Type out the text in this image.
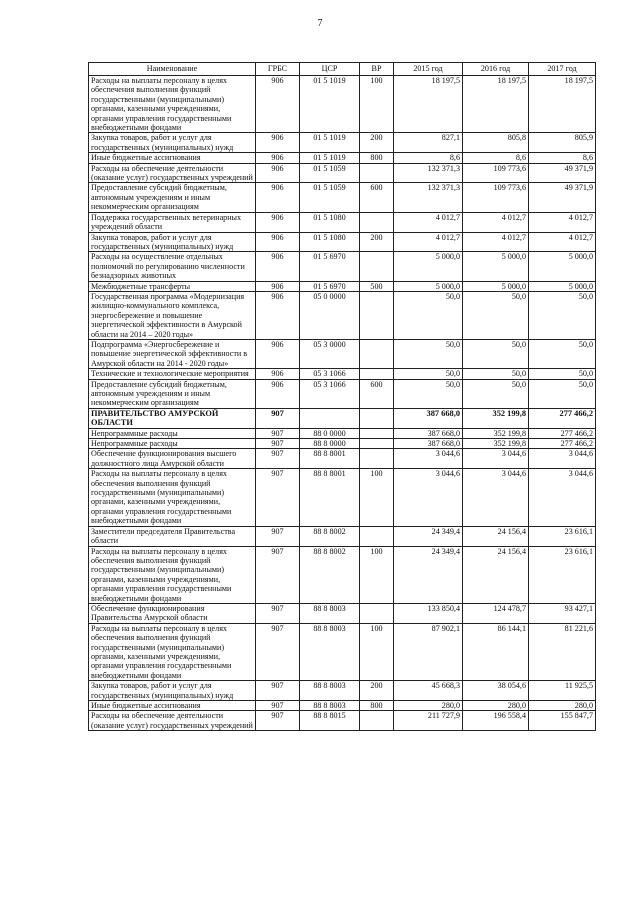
7
Наименование	ГРБС	ЦСР	ВР	2015 год	2016 год	2017 год
Расходы на выплаты персоналу в целях обеспечения выполнения функций государственными (муниципальными) органами, казенными учреждениями, органами управления государственными внебюджетными фондами	906	01 5 1019	100	18 197,5	18 197,5	18 197,5
Закупка товаров, работ и услуг для государственных (муниципальных) нужд	906	01 5 1019	200	827,1	805,8	805,9
Иные бюджетные ассигнования	906	01 5 1019	800	8,6	8,6	8,6
Расходы на обеспечение деятельности (оказание услуг) государственных учреждений	906	01 5 1059		132 371,3	109 773,6	49 371,9
Предоставление субсидий бюджетным, автономным учреждениям и иным некоммерческим организациям	906	01 5 1059	600	132 371,3	109 773,6	49 371,9
Поддержка государственных ветеринарных учреждений области	906	01 5 1080		4 012,7	4 012,7	4 012,7
Закупка товаров, работ и услуг для государственных (муниципальных) нужд	906	01 5 1080	200	4 012,7	4 012,7	4 012,7
Расходы на осуществление отдельных полномочий по регулированию численности безнадзорных животных	906	01 5 6970		5 000,0	5 000,0	5 000,0
Межбюджетные трансферты	906	01 5 6970	500	5 000,0	5 000,0	5 000,0
Государственная программа «Модернизация жилищно-коммунального комплекса, энергосбережение и повышение энергетической эффективности в Амурской области на 2014 – 2020 годы»	906	05 0 0000		50,0	50,0	50,0
Подпрограмма «Энергосбережение и повышение энергетической эффективности в Амурской области на 2014 - 2020 годы»	906	05 3 0000		50,0	50,0	50,0
Технические и технологические мероприятия	906	05 3 1066		50,0	50,0	50,0
Предоставление субсидий бюджетным, автономным учреждениям и иным некоммерческим организациям	906	05 3 1066	600	50,0	50,0	50,0
ПРАВИТЕЛЬСТВО АМУРСКОЙ ОБЛАСТИ	907			387 668,0	352 199,8	277 466,2
Непрограммные расходы	907	88 0 0000		387 668,0	352 199,8	277 466,2
Непрограммные расходы	907	88 8 0000		387 668,0	352 199,8	277 466,2
Обеспечение функционирования высшего должностного лица Амурской области	907	88 8 8001		3 044,6	3 044,6	3 044,6
Расходы на выплаты персоналу в целях обеспечения выполнения функций государственными (муниципальными) органами, казенными учреждениями, органами управления государственными внебюджетными фондами	907	88 8 8001	100	3 044,6	3 044,6	3 044,6
Заместители председателя Правительства области	907	88 8 8002		24 349,4	24 156,4	23 616,1
Расходы на выплаты персоналу в целях обеспечения выполнения функций государственными (муниципальными) органами, казенными учреждениями, органами управления государственными внебюджетными фондами	907	88 8 8002	100	24 349,4	24 156,4	23 616,1
Обеспечение функционирования Правительства Амурской области	907	88 8 8003		133 850,4	124 478,7	93 427,1
Расходы на выплаты персоналу в целях обеспечения выполнения функций государственными (муниципальными) органами, казенными учреждениями, органами управления государственными внебюджетными фондами	907	88 8 8003	100	87 902,1	86 144,1	81 221,6
Закупка товаров, работ и услуг для государственных (муниципальных) нужд	907	88 8 8003	200	45 668,3	38 054,6	11 925,5
Иные бюджетные ассигнования	907	88 8 8003	800	280,0	280,0	280,0
Расходы на обеспечение деятельности (оказание услуг) государственных учреждений	907	88 8 8015		211 727,9	196 558,4	155 847,7
